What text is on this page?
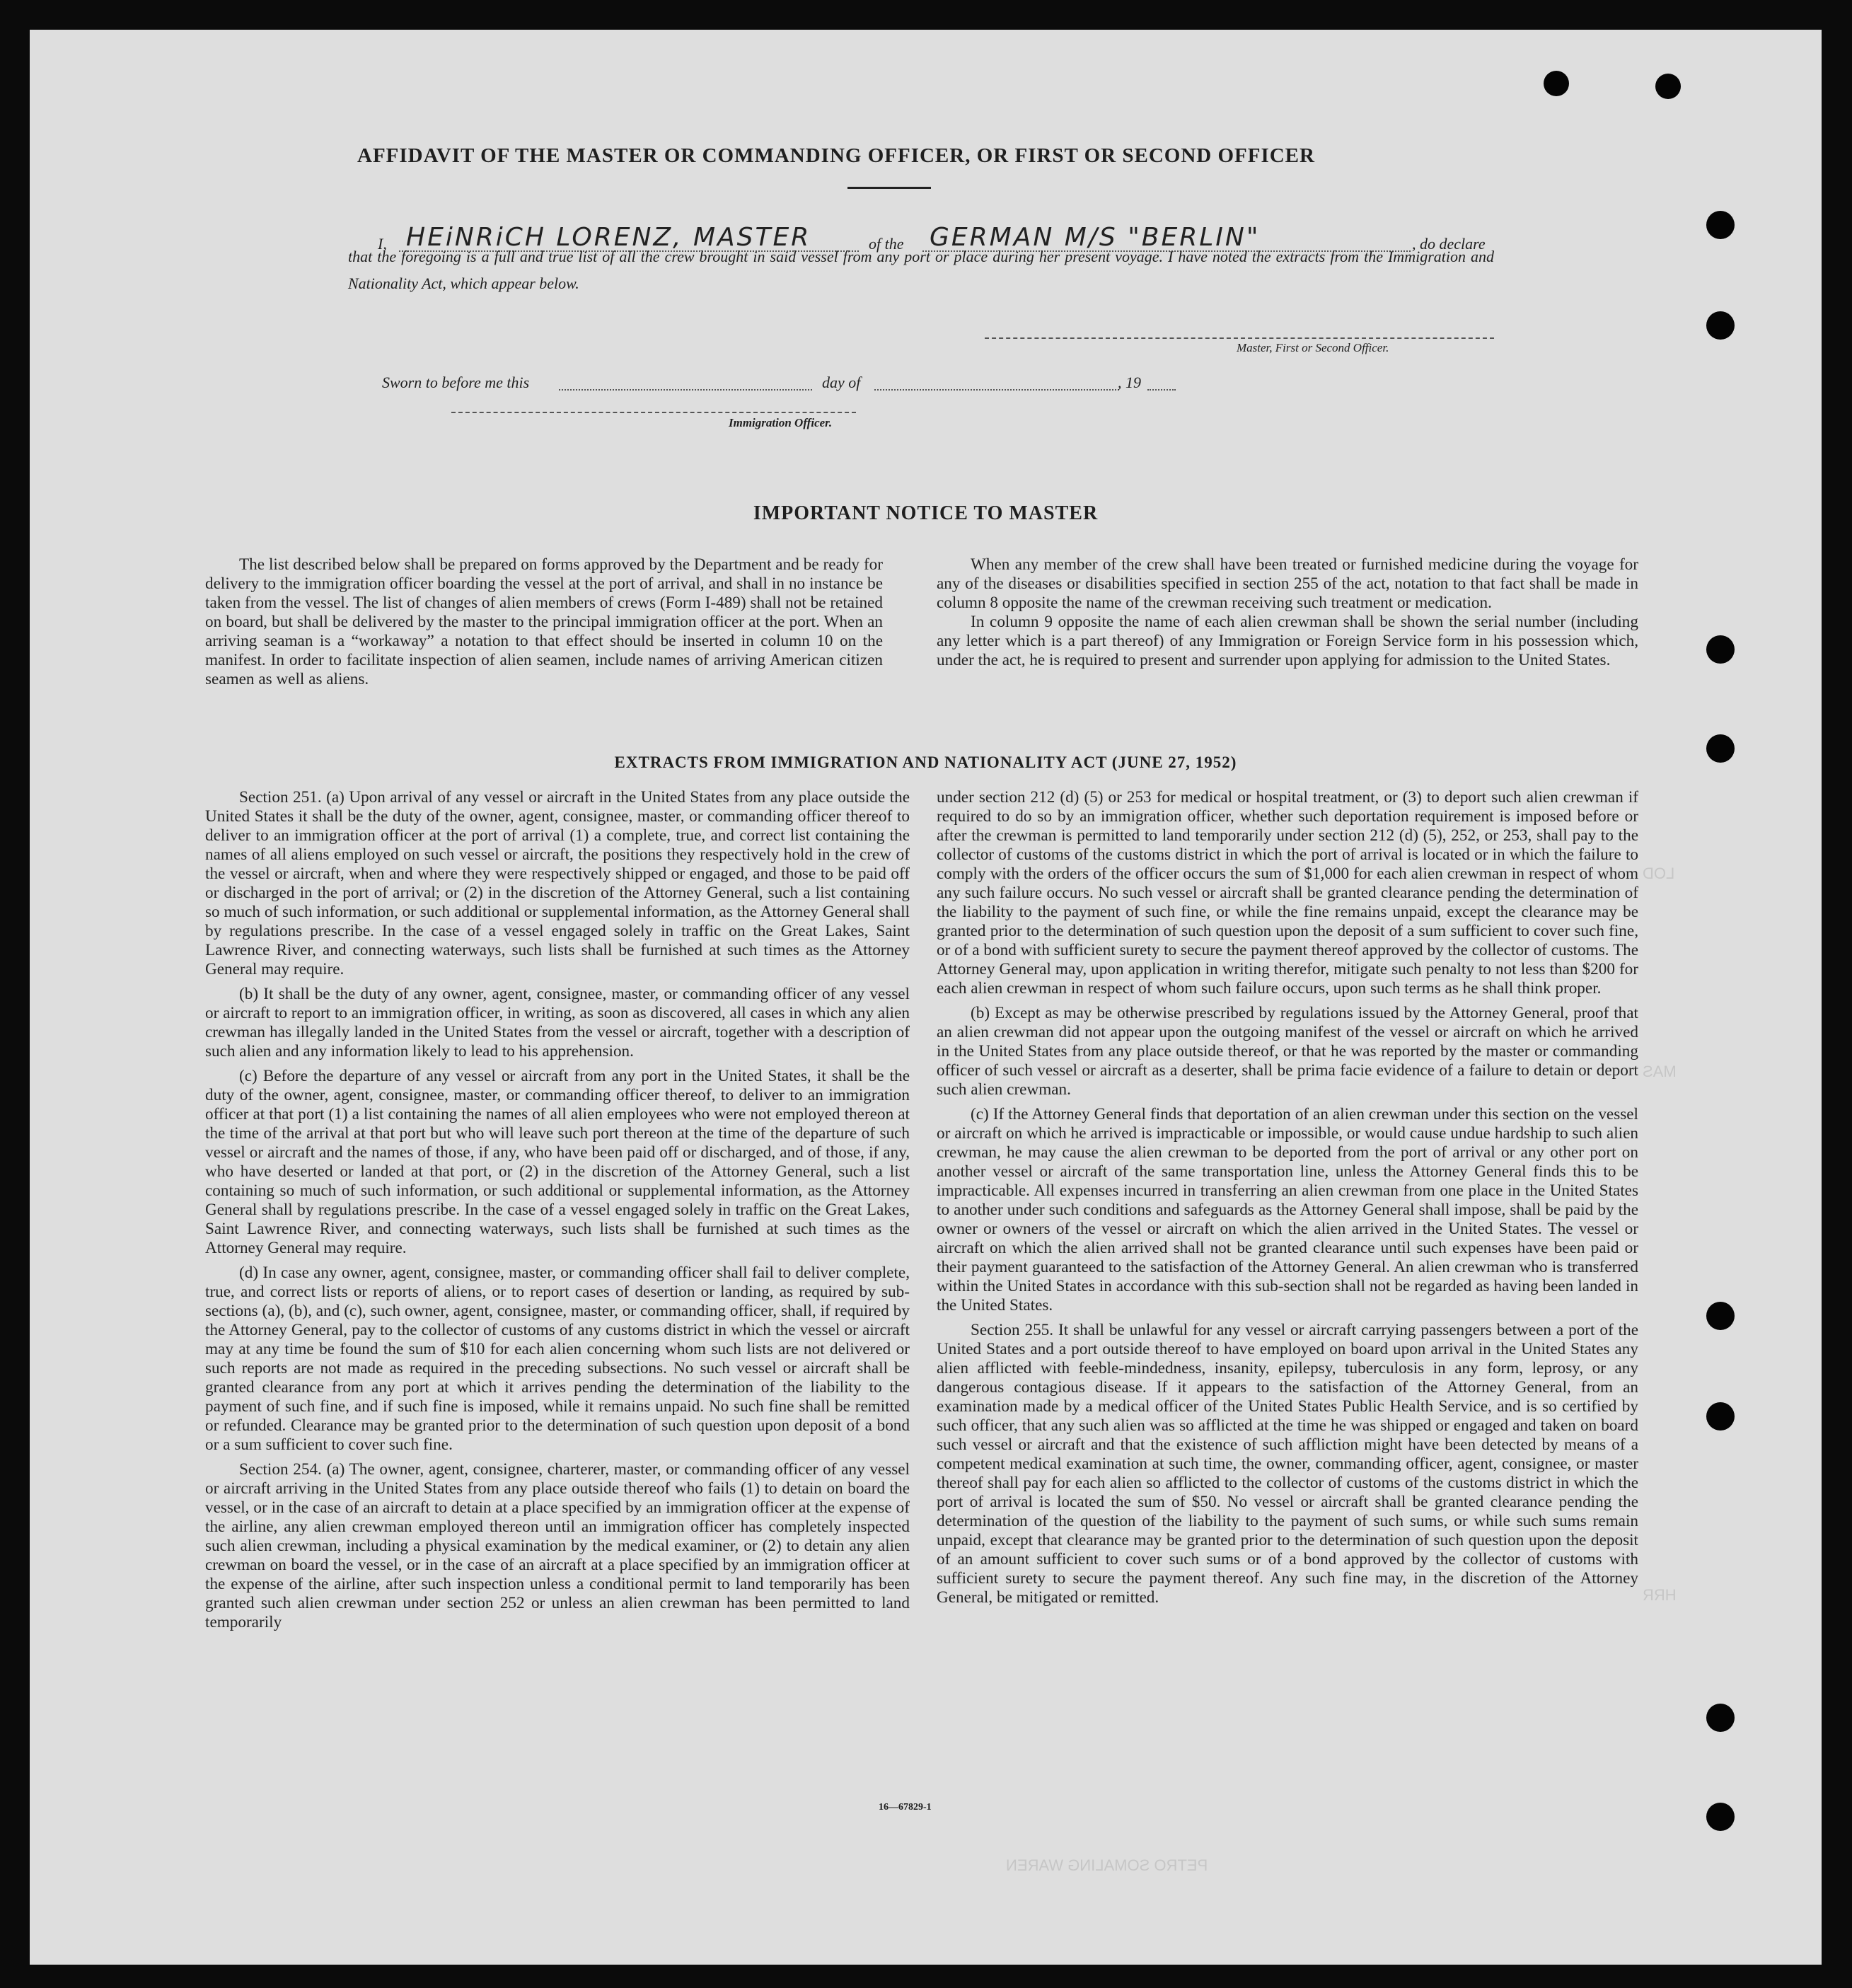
LOD
MAS
HRR
PETRO SOMALING WAREN
AFFIDAVIT OF THE MASTER OR COMMANDING OFFICER, OR FIRST OR SECOND OFFICER
I, HEiNRiCH LORENZ, MASTER	of the GERMAN M/S "BERLIN"	, do declare
that the foregoing is a full and true list of all the crew brought in said vessel from any port or place during her present voyage. I have noted the extracts from the Immigration and Nationality Act, which appear below.
Master, First or Second Officer.
Sworn to before me this	day of	, 19
Immigration Officer.
IMPORTANT NOTICE TO MASTER

The list described below shall be prepared on forms approved by the Department and be ready for delivery to the immigration officer boarding the vessel at the port of arrival, and shall in no instance be taken from the vessel. The list of changes of alien members of crews (Form I-489) shall not be retained on board, but shall be delivered by the master to the principal immigration officer at the port. When an arriving seaman is a “workaway” a notation to that effect should be inserted in column 10 on the manifest. In order to facilitate inspection of alien seamen, include names of arriving American citizen seamen as well as aliens.

When any member of the crew shall have been treated or furnished medicine during the voyage for any of the diseases or disabilities specified in section 255 of the act, notation to that fact shall be made in column 8 opposite the name of the crewman receiving such treatment or medication.

In column 9 opposite the name of each alien crewman shall be shown the serial number (including any letter which is a part thereof) of any Immigration or Foreign Service form in his possession which, under the act, he is required to present and surrender upon applying for admission to the United States.

EXTRACTS FROM IMMIGRATION AND NATIONALITY ACT (JUNE 27, 1952)

Section 251. (a) Upon arrival of any vessel or aircraft in the United States from any place outside the United States it shall be the duty of the owner, agent, consignee, master, or commanding officer thereof to deliver to an immigration officer at the port of arrival (1) a complete, true, and correct list containing the names of all aliens employed on such vessel or aircraft, the positions they respectively hold in the crew of the vessel or aircraft, when and where they were respectively shipped or engaged, and those to be paid off or discharged in the port of arrival; or (2) in the discretion of the Attorney General, such a list containing so much of such information, or such additional or supplemental information, as the Attorney General shall by regulations prescribe. In the case of a vessel engaged solely in traffic on the Great Lakes, Saint Lawrence River, and connecting waterways, such lists shall be furnished at such times as the Attorney General may require.

(b) It shall be the duty of any owner, agent, consignee, master, or commanding officer of any vessel or aircraft to report to an immigration officer, in writing, as soon as discovered, all cases in which any alien crewman has illegally landed in the United States from the vessel or aircraft, together with a description of such alien and any information likely to lead to his apprehension.

(c) Before the departure of any vessel or aircraft from any port in the United States, it shall be the duty of the owner, agent, consignee, master, or commanding officer thereof, to deliver to an immigration officer at that port (1) a list containing the names of all alien employees who were not employed thereon at the time of the arrival at that port but who will leave such port thereon at the time of the departure of such vessel or aircraft and the names of those, if any, who have been paid off or discharged, and of those, if any, who have deserted or landed at that port, or (2) in the discretion of the Attorney General, such a list containing so much of such information, or such additional or supplemental information, as the Attorney General shall by regulations prescribe. In the case of a vessel engaged solely in traffic on the Great Lakes, Saint Lawrence River, and connecting waterways, such lists shall be furnished at such times as the Attorney General may require.

(d) In case any owner, agent, consignee, master, or commanding officer shall fail to deliver complete, true, and correct lists or reports of aliens, or to report cases of desertion or landing, as required by sub-sections (a), (b), and (c), such owner, agent, consignee, master, or commanding officer, shall, if required by the Attorney General, pay to the collector of customs of any customs district in which the vessel or aircraft may at any time be found the sum of $10 for each alien concerning whom such lists are not delivered or such reports are not made as required in the preceding subsections. No such vessel or aircraft shall be granted clearance from any port at which it arrives pending the determination of the liability to the payment of such fine, and if such fine is imposed, while it remains unpaid. No such fine shall be remitted or refunded. Clearance may be granted prior to the determination of such question upon deposit of a bond or a sum sufficient to cover such fine.

Section 254. (a) The owner, agent, consignee, charterer, master, or commanding officer of any vessel or aircraft arriving in the United States from any place outside thereof who fails (1) to detain on board the vessel, or in the case of an aircraft to detain at a place specified by an immigration officer at the expense of the airline, any alien crewman employed thereon until an immigration officer has completely inspected such alien crewman, including a physical examination by the medical examiner, or (2) to detain any alien crewman on board the vessel, or in the case of an aircraft at a place specified by an immigration officer at the expense of the airline, after such inspection unless a conditional permit to land temporarily has been granted such alien crewman under section 252 or unless an alien crewman has been permitted to land temporarily

under section 212 (d) (5) or 253 for medical or hospital treatment, or (3) to deport such alien crewman if required to do so by an immigration officer, whether such deportation requirement is imposed before or after the crewman is permitted to land temporarily under section 212 (d) (5), 252, or 253, shall pay to the collector of customs of the customs district in which the port of arrival is located or in which the failure to comply with the orders of the officer occurs the sum of $1,000 for each alien crewman in respect of whom any such failure occurs. No such vessel or aircraft shall be granted clearance pending the determination of the liability to the payment of such fine, or while the fine remains unpaid, except the clearance may be granted prior to the determination of such question upon the deposit of a sum sufficient to cover such fine, or of a bond with sufficient surety to secure the payment thereof approved by the collector of customs. The Attorney General may, upon application in writing therefor, mitigate such penalty to not less than $200 for each alien crewman in respect of whom such failure occurs, upon such terms as he shall think proper.

(b) Except as may be otherwise prescribed by regulations issued by the Attorney General, proof that an alien crewman did not appear upon the outgoing manifest of the vessel or aircraft on which he arrived in the United States from any place outside thereof, or that he was reported by the master or commanding officer of such vessel or aircraft as a deserter, shall be prima facie evidence of a failure to detain or deport such alien crewman.

(c) If the Attorney General finds that deportation of an alien crewman under this section on the vessel or aircraft on which he arrived is impracticable or impossible, or would cause undue hardship to such alien crewman, he may cause the alien crewman to be deported from the port of arrival or any other port on another vessel or aircraft of the same transportation line, unless the Attorney General finds this to be impracticable. All expenses incurred in transferring an alien crewman from one place in the United States to another under such conditions and safeguards as the Attorney General shall impose, shall be paid by the owner or owners of the vessel or aircraft on which the alien arrived in the United States. The vessel or aircraft on which the alien arrived shall not be granted clearance until such expenses have been paid or their payment guaranteed to the satisfaction of the Attorney General. An alien crewman who is transferred within the United States in accordance with this sub-section shall not be regarded as having been landed in the United States.

Section 255. It shall be unlawful for any vessel or aircraft carrying passengers between a port of the United States and a port outside thereof to have employed on board upon arrival in the United States any alien afflicted with feeble-mindedness, insanity, epilepsy, tuberculosis in any form, leprosy, or any dangerous contagious disease. If it appears to the satisfaction of the Attorney General, from an examination made by a medical officer of the United States Public Health Service, and is so certified by such officer, that any such alien was so afflicted at the time he was shipped or engaged and taken on board such vessel or aircraft and that the existence of such affliction might have been detected by means of a competent medical examination at such time, the owner, commanding officer, agent, consignee, or master thereof shall pay for each alien so afflicted to the collector of customs of the customs district in which the port of arrival is located the sum of $50. No vessel or aircraft shall be granted clearance pending the determination of the question of the liability to the payment of such sums, or while such sums remain unpaid, except that clearance may be granted prior to the determination of such question upon the deposit of an amount sufficient to cover such sums or of a bond approved by the collector of customs with sufficient surety to secure the payment thereof. Any such fine may, in the discretion of the Attorney General, be mitigated or remitted.

16—67829-1
